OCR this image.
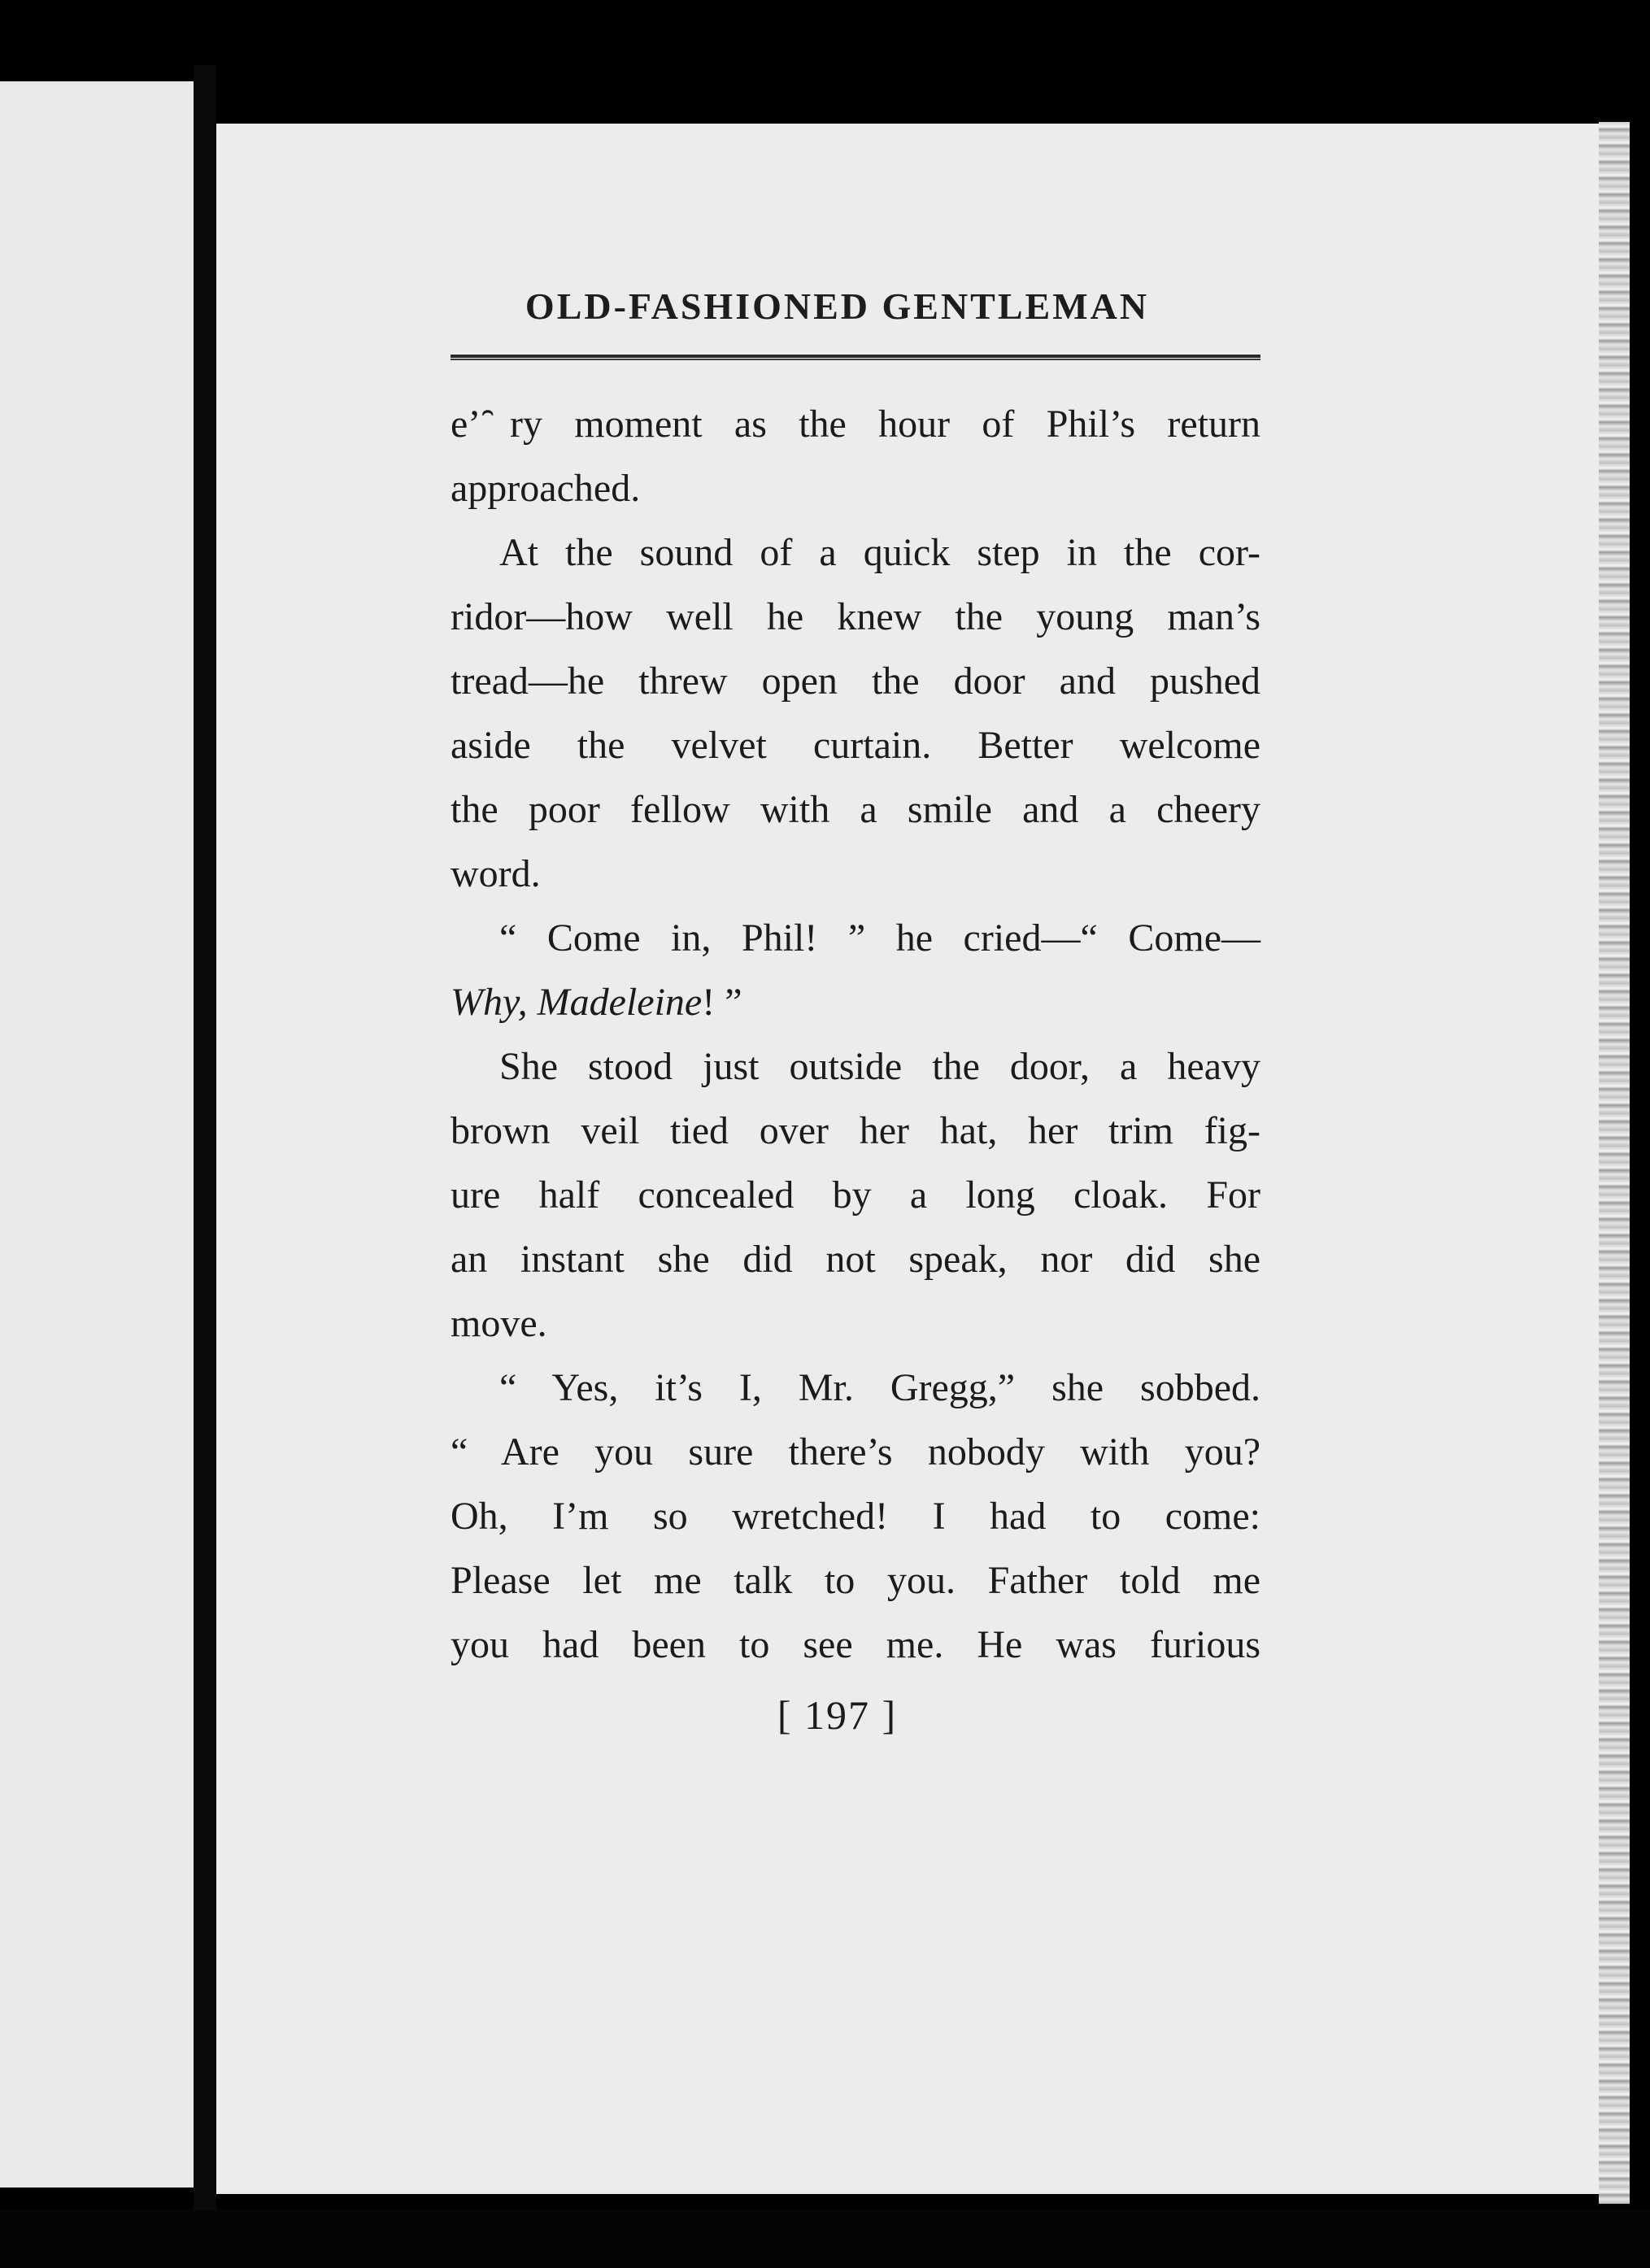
OLD-FASHIONED GENTLEMAN
e’ ̑ry moment as the hour of Phil’s return
approached.
At the sound of a quick step in the cor-
ridor—how well he knew the young man’s
tread—he threw open the door and pushed
aside the velvet curtain. Better welcome
the poor fellow with a smile and a cheery
word.
“ Come in, Phil! ” he cried—“ Come—
Why, Madeleine! ”
She stood just outside the door, a heavy
brown veil tied over her hat, her trim fig-
ure half concealed by a long cloak. For
an instant she did not speak, nor did she
move.
“ Yes, it’s I, Mr. Gregg,” she sobbed.
“ Are you sure there’s nobody with you?
Oh, I’m so wretched! I had to come:
Please let me talk to you. Father told me
you had been to see me. He was furious
[ 197 ]
